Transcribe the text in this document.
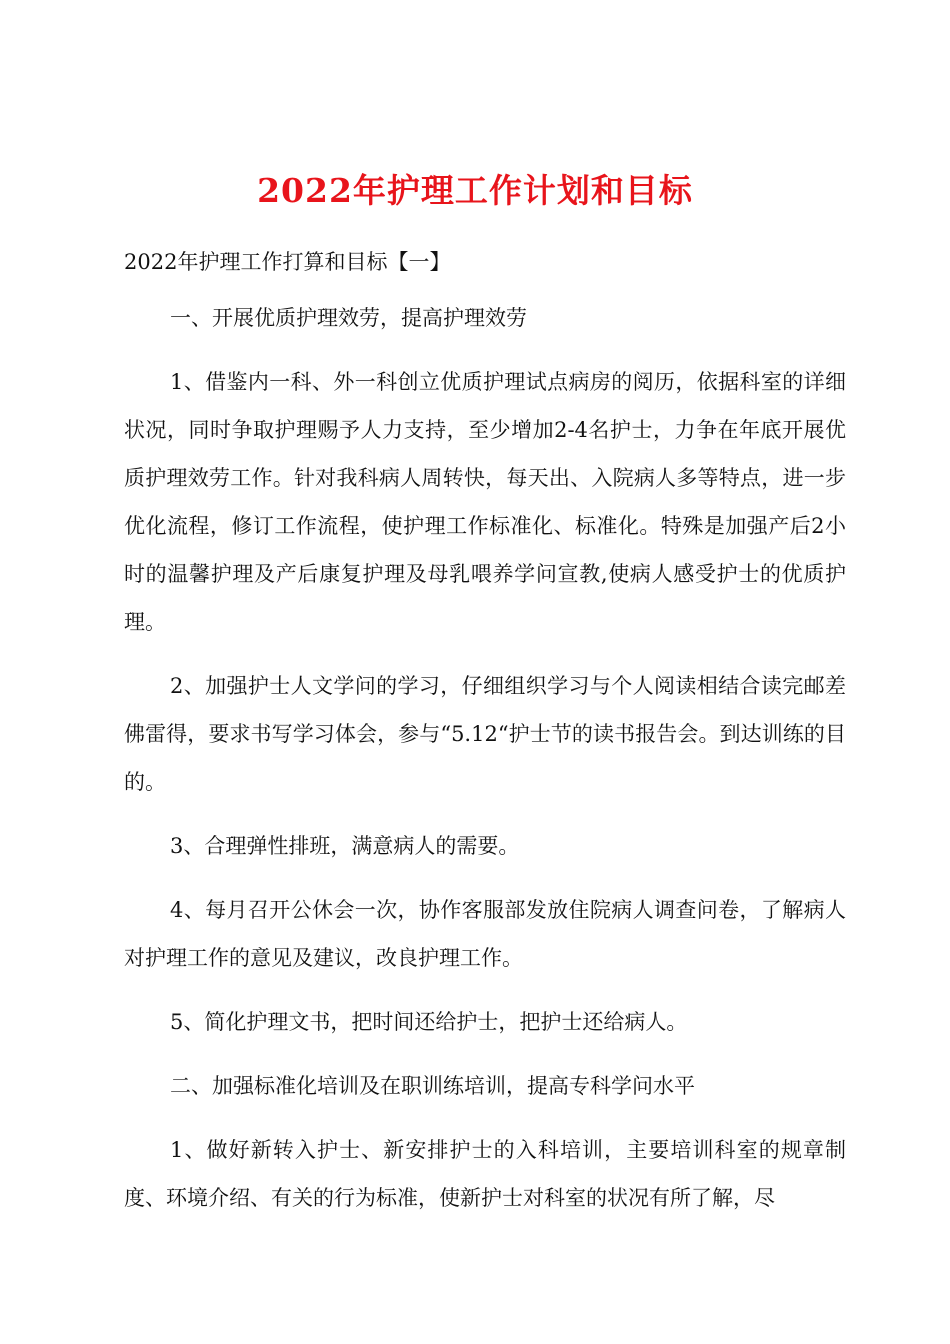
2022年护理工作计划和目标

2022年护理工作打算和目标【一】

一、开展优质护理效劳，提高护理效劳

1、借鉴内一科、外一科创立优质护理试点病房的阅历，依据科室的详细状况，同时争取护理赐予人力支持，至少增加2-4名护士，力争在年底开展优质护理效劳工作。针对我科病人周转快，每天出、入院病人多等特点，进一步优化流程，修订工作流程，使护理工作标准化、标准化。特殊是加强产后2小时的温馨护理及产后康复护理及母乳喂养学问宣教,使病人感受护士的优质护理。

2、加强护士人文学问的学习，仔细组织学习与个人阅读相结合读完邮差佛雷得，要求书写学习体会，参与“5.12“护士节的读书报告会。到达训练的目的。

3、合理弹性排班，满意病人的需要。

4、每月召开公休会一次，协作客服部发放住院病人调查问卷，了解病人对护理工作的意见及建议，改良护理工作。

5、简化护理文书，把时间还给护士，把护士还给病人。

二、加强标准化培训及在职训练培训，提高专科学问水平

1、做好新转入护士、新安排护士的入科培训，主要培训科室的规章制度、环境介绍、有关的行为标准，使新护士对科室的状况有所了解，尽
